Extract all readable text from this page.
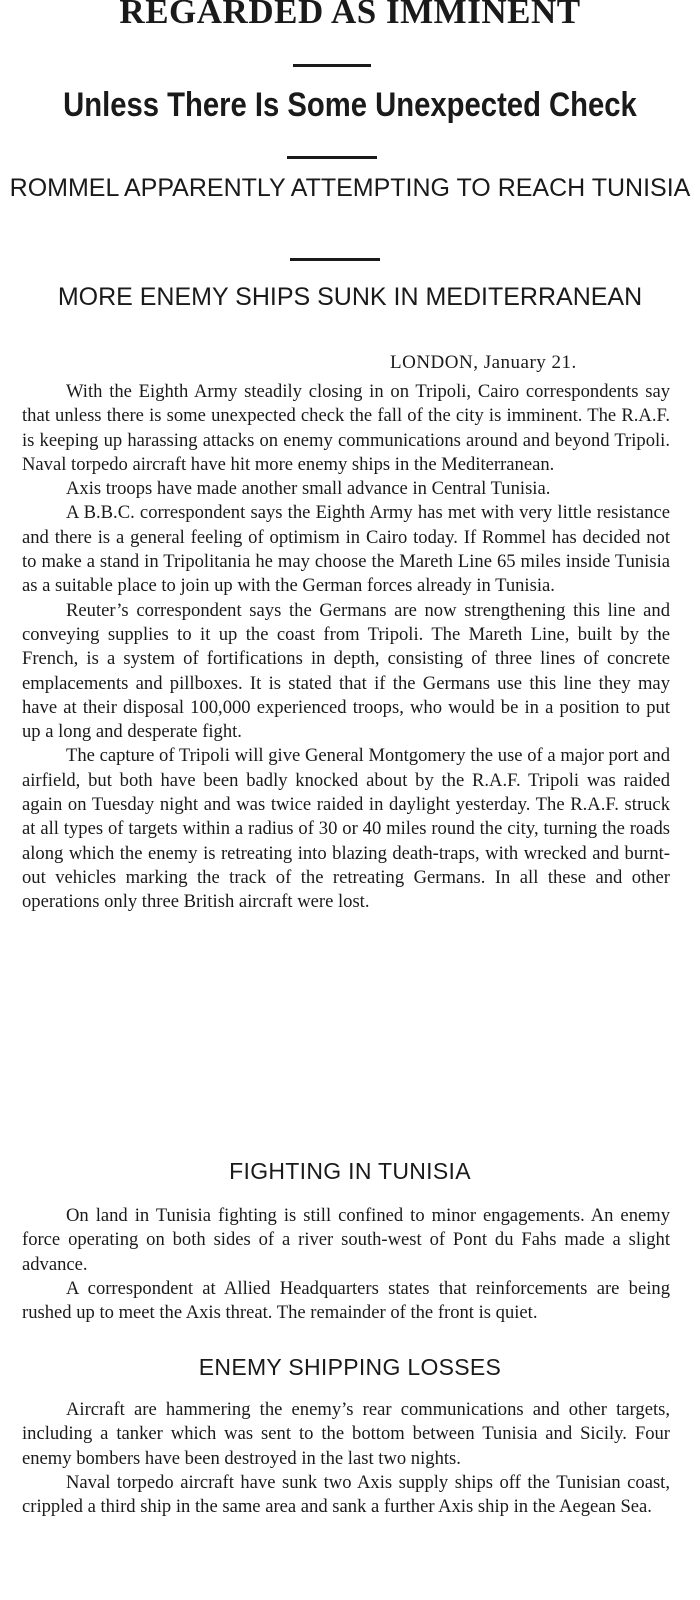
REGARDED AS IMMINENT
Unless There Is Some Unexpected Check
ROMMEL APPARENTLY ATTEMPTING TO REACH TUNISIA
MORE ENEMY SHIPS SUNK IN MEDITERRANEAN
LONDON, January 21.

With the Eighth Army steadily closing in on Tripoli, Cairo correspondents say that unless there is some unexpected check the fall of the city is imminent. The R.A.F. is keeping up harassing attacks on enemy communications around and beyond Tripoli. Naval torpedo aircraft have hit more enemy ships in the Mediterranean.

Axis troops have made another small advance in Central Tunisia.

A B.B.C. correspondent says the Eighth Army has met with very little resistance and there is a general feeling of optimism in Cairo today. If Rommel has decided not to make a stand in Tripolitania he may choose the Mareth Line 65 miles inside Tunisia as a suitable place to join up with the German forces already in Tunisia.

Reuter’s correspondent says the Germans are now strengthening this line and conveying supplies to it up the coast from Tripoli. The Mareth Line, built by the French, is a system of fortifications in depth, consisting of three lines of concrete emplacements and pillboxes. It is stated that if the Germans use this line they may have at their disposal 100,000 experienced troops, who would be in a position to put up a long and desperate fight.

The capture of Tripoli will give General Montgomery the use of a major port and airfield, but both have been badly knocked about by the R.A.F. Tripoli was raided again on Tuesday night and was twice raided in daylight yesterday. The R.A.F. struck at all types of targets within a radius of 30 or 40 miles round the city, turning the roads along which the enemy is retreating into blazing death-traps, with wrecked and burnt-out vehicles marking the track of the retreating Germans. In all these and other operations only three British aircraft were lost.

FIGHTING IN TUNISIA

On land in Tunisia fighting is still confined to minor engagements. An enemy force operating on both sides of a river south-west of Pont du Fahs made a slight advance.

A correspondent at Allied Headquarters states that reinforcements are being rushed up to meet the Axis threat. The remainder of the front is quiet.

ENEMY SHIPPING LOSSES

Aircraft are hammering the enemy’s rear communications and other targets, including a tanker which was sent to the bottom between Tunisia and Sicily. Four enemy bombers have been destroyed in the last two nights.

Naval torpedo aircraft have sunk two Axis supply ships off the Tunisian coast, crippled a third ship in the same area and sank a further Axis ship in the Aegean Sea.
